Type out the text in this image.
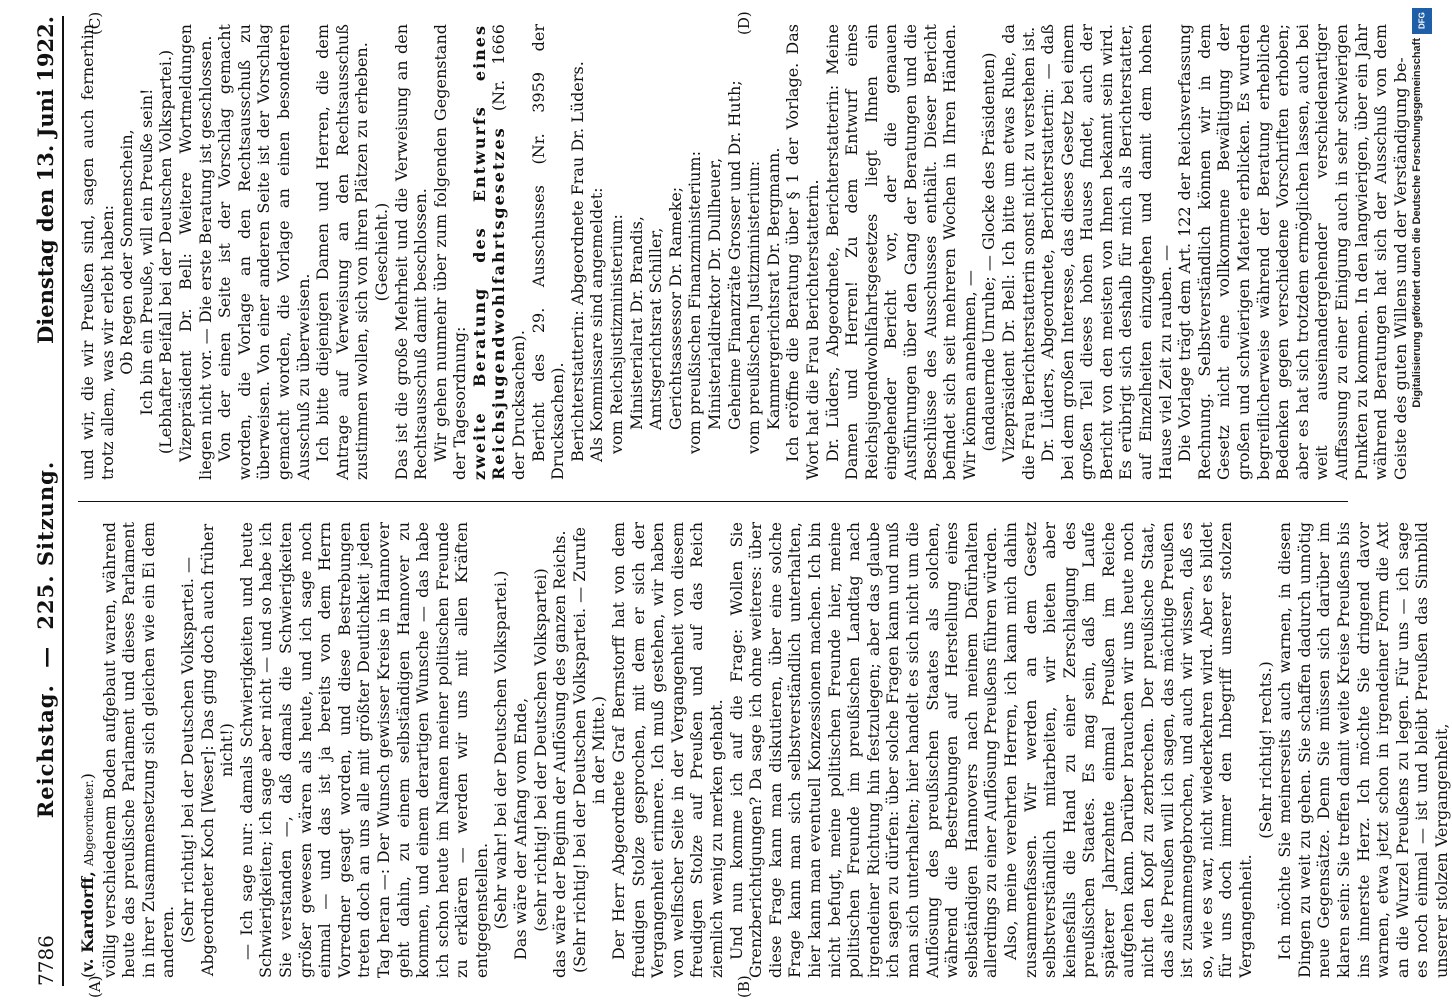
7786
Reichstag. — 225. Sitzung.
Dienstag den 13. Juni 1922.
(A)	(B)
(C)	(D)

(v. Kardorff, Abgeordneter.) völlig verschiedenem Boden aufgebaut waren, während heute das preußische Parlament und dieses Parlament in ihrer Zusammensetzung sich gleichen wie ein Ei dem anderen. (Sehr richtig! bei der Deutschen Volkspartei. — Abgeordneter Koch [Weser]: Das ging doch auch früher nicht!) — Ich sage nur: damals Schwierigkeiten und heute Schwierigkeiten; ich sage aber nicht — und so habe ich Sie verstanden —, daß damals die Schwierigkeiten größer gewesen wären als heute, und ich sage noch einmal — und das ist ja bereits von dem Herrn Vorredner gesagt worden, und diese Bestrebungen treten doch an uns alle mit größter Deutlichkeit jeden Tag heran —: Der Wunsch gewisser Kreise in Hannover geht dahin, zu einem selbständigen Hannover zu kommen, und einem derartigen Wunsche — das habe ich schon heute im Namen meiner politischen Freunde zu erklären — werden wir uns mit allen Kräften entgegenstellen. (Sehr wahr! bei der Deutschen Volkspartei.) Das wäre der Anfang vom Ende, (sehr richtig! bei der Deutschen Volkspartei) das wäre der Beginn der Auflösung des ganzen Reichs. (Sehr richtig! bei der Deutschen Volkspartei. — Zurufe in der Mitte.) Der Herr Abgeordnete Graf Bernstorff hat von dem freudigen Stolze gesprochen, mit dem er sich der Vergangenheit erinnere. Ich muß gestehen, wir haben von welfischer Seite in der Vergangenheit von diesem freudigen Stolze auf Preußen und auf das Reich ziemlich wenig zu merken gehabt. Und nun komme ich auf die Frage: Wollen Sie Grenzberichtigungen? Da sage ich ohne weiteres: über diese Frage kann man diskutieren, über eine solche Frage kann man sich selbstverständlich unterhalten, hier kann man eventuell Konzessionen machen. Ich bin nicht befugt, meine politischen Freunde hier, meine politischen Freunde im preußischen Landtag nach irgendeiner Richtung hin festzulegen; aber das glaube ich sagen zu dürfen: über solche Fragen kann und muß man sich unterhalten; hier handelt es sich nicht um die Auflösung des preußischen Staates als solchen, während die Bestrebungen auf Herstellung eines selbständigen Hannovers nach meinem Dafürhalten allerdings zu einer Auflösung Preußens führen würden. Also, meine verehrten Herren, ich kann mich dahin zusammenfassen. Wir werden an dem Gesetz selbstverständlich mitarbeiten, wir bieten aber keinesfalls die Hand zu einer Zerschlagung des preußischen Staates. Es mag sein, daß im Laufe späterer Jahrzehnte einmal Preußen im Reiche aufgehen kann. Darüber brauchen wir uns heute noch nicht den Kopf zu zerbrechen. Der preußische Staat, das alte Preußen will ich sagen, das mächtige Preußen ist zusammengebrochen, und auch wir wissen, daß es so, wie es war, nicht wiederkehren wird. Aber es bildet für uns doch immer den Inbegriff unserer stolzen Vergangenheit.

(Sehr richtig! rechts.) Ich möchte Sie meinerseits auch warnen, in diesen Dingen zu weit zu gehen. Sie schaffen dadurch unnötig neue Gegensätze. Denn Sie müssen sich darüber im klaren sein: Sie treffen damit weite Kreise Preußens bis ins innerste Herz. Ich möchte Sie dringend davor warnen, etwa jetzt schon in irgendeiner Form die Axt an die Wurzel Preußens zu legen. Für uns — ich sage es noch einmal — ist und bleibt Preußen das Sinnbild unserer stolzen Vergangenheit,

und wir, die wir Preußen sind, sagen auch fernerhin trotz allem, was wir erlebt haben: Ob Regen oder Sonnenschein, Ich bin ein Preuße, will ein Preuße sein! (Lebhafter Beifall bei der Deutschen Volkspartei.) Vizepräsident Dr. Bell: Weitere Wortmeldungen liegen nicht vor. — Die erste Beratung ist geschlossen. Von der einen Seite ist der Vorschlag gemacht worden, die Vorlage an den Rechtsausschuß zu überweisen. Von einer anderen Seite ist der Vorschlag gemacht worden, die Vorlage an einen besonderen Ausschuß zu überweisen. Ich bitte diejenigen Damen und Herren, die dem Antrage auf Verweisung an den Rechtsausschuß zustimmen wollen, sich von ihren Plätzen zu erheben. (Geschieht.) Das ist die große Mehrheit und die Verweisung an den Rechtsausschuß damit beschlossen. Wir gehen nunmehr über zum folgenden Gegenstand der Tagesordnung: zweite Beratung des Entwurfs eines Reichsjugendwohlfahrtsgesetzes (Nr. 1666 der Drucksachen). Bericht des 29. Ausschusses (Nr. 3959 der Drucksachen). Berichterstatterin: Abgeordnete Frau Dr. Lüders. Als Kommissare sind angemeldet: vom Reichsjustizministerium: Ministerialrat Dr. Brandis, Amtsgerichtsrat Schiller, Gerichtsassessor Dr. Rameke; vom preußischen Finanzministerium: Ministerialdirektor Dr. Dullheuer, Geheime Finanzräte Grosser und Dr. Huth; vom preußischen Justizministerium: Kammergerichtsrat Dr. Bergmann. Ich eröffne die Beratung über § 1 der Vorlage. Das Wort hat die Frau Berichterstatterin. Dr. Lüders, Abgeordnete, Berichterstatterin: Meine Damen und Herren! Zu dem Entwurf eines Reichsjugendwohlfahrtsgesetzes liegt Ihnen ein eingehender Bericht vor, der die genauen Ausführungen über den Gang der Beratungen und die Beschlüsse des Ausschusses enthält. Dieser Bericht befindet sich seit mehreren Wochen in Ihren Händen. Wir können annehmen, — (andauernde Unruhe; — Glocke des Präsidenten) Vizepräsident Dr. Bell: Ich bitte um etwas Ruhe, da die Frau Berichterstatterin sonst nicht zu verstehen ist. Dr. Lüders, Abgeordnete, Berichterstatterin: — daß bei dem großen Interesse, das dieses Gesetz bei einem großen Teil dieses hohen Hauses findet, auch der Bericht von den meisten von Ihnen bekannt sein wird. Es erübrigt sich deshalb für mich als Berichterstatter, auf Einzelheiten einzugehen und damit dem hohen Hause viel Zeit zu rauben. — Die Vorlage trägt dem Art. 122 der Reichsverfassung Rechnung. Selbstverständlich können wir in dem Gesetz nicht eine vollkommene Bewältigung der großen und schwierigen Materie erblicken. Es wurden begreiflicherweise während der Beratung erhebliche Bedenken gegen verschiedene Vorschriften erhoben; aber es hat sich trotzdem ermöglichen lassen, auch bei weit auseinandergehender verschiedenartiger Auffassung zu einer Einigung auch in sehr schwierigen Punkten zu kommen. In den langwierigen, über ein Jahr während Beratungen hat sich der Ausschuß von dem Geiste des guten Willens und der Verständigung be- Digitalisierung gefördert durch die Deutsche Forschungsgemeinschaft
DFG
